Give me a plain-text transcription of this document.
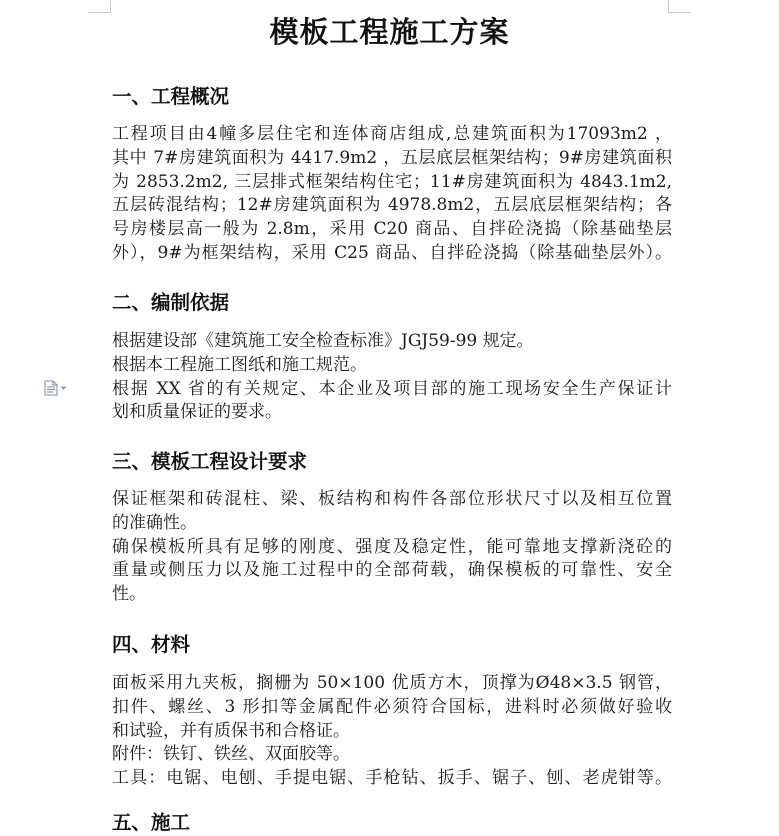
模板工程施工方案
一、工程概况
工程项目由4幢多层住宅和连体商店组成,总建筑面积为17093m2 ，
其中 7#房建筑面积为 4417.9m2 ，五层底层框架结构；9#房建筑面积
为 2853.2m2, 三层排式框架结构住宅；11#房建筑面积为 4843.1m2,
五层砖混结构；12#房建筑面积为 4978.8m2，五层底层框架结构；各
号房楼层高一般为 2.8m，采用 C20 商品、自拌砼浇捣（除基础垫层
外），9#为框架结构，采用 C25 商品、自拌砼浇捣（除基础垫层外）。
二、编制依据
根据建设部《建筑施工安全检查标准》JGJ59-99 规定。
根据本工程施工图纸和施工规范。
根据 XX 省的有关规定、本企业及项目部的施工现场安全生产保证计
划和质量保证的要求。
三、模板工程设计要求
保证框架和砖混柱、梁、板结构和构件各部位形状尺寸以及相互位置
的准确性。
确保模板所具有足够的刚度、强度及稳定性，能可靠地支撑新浇砼的
重量或侧压力以及施工过程中的全部荷载，确保模板的可靠性、安全
性。
四、材料
面板采用九夹板，搁栅为 50×100 优质方木，顶撑为Ø48×3.5 钢管，
扣件、螺丝、3 形扣等金属配件必须符合国标，进料时必须做好验收
和试验，并有质保书和合格证。
附件：铁钉、铁丝、双面胶等。
工具：电锯、电刨、手提电锯、手枪钻、扳手、锯子、刨、老虎钳等。
五、施工
